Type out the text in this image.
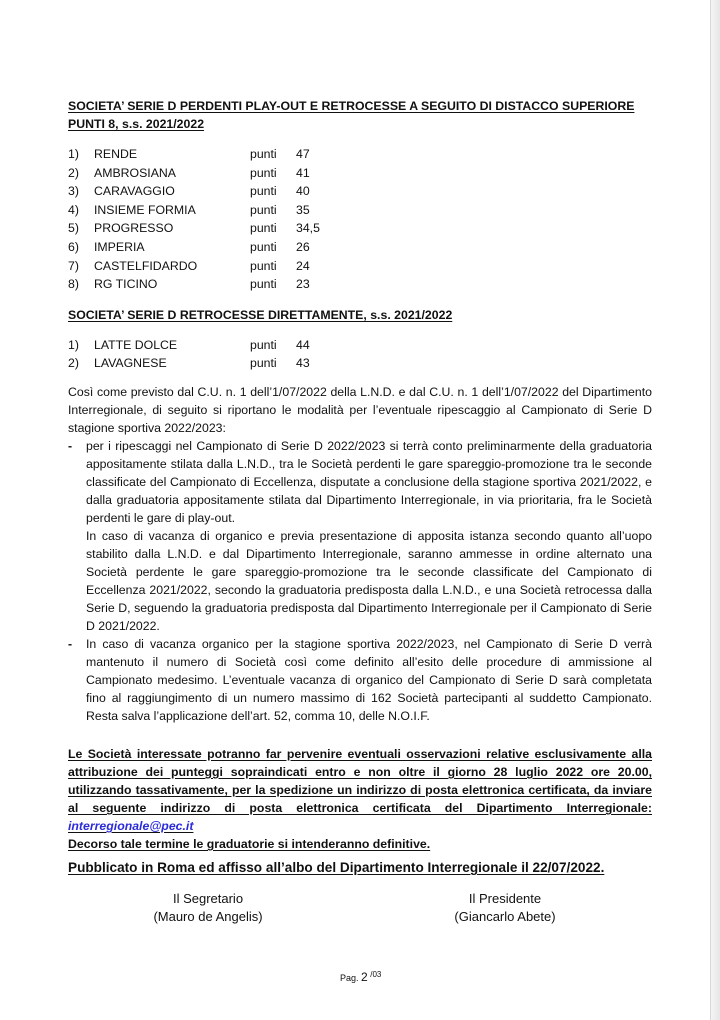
SOCIETA’ SERIE D PERDENTI PLAY-OUT E RETROCESSE A SEGUITO DI DISTACCO SUPERIORE PUNTI 8, s.s. 2021/2022
1)	RENDE	punti	47
2)	AMBROSIANA	punti	41
3)	CARAVAGGIO	punti	40
4)	INSIEME FORMIA	punti	35
5)	PROGRESSO	punti	34,5
6)	IMPERIA	punti	26
7)	CASTELFIDARDO	punti	24
8)	RG TICINO	punti	23
SOCIETA’ SERIE D RETROCESSE DIRETTAMENTE, s.s. 2021/2022
1)	LATTE DOLCE	punti	44
2)	LAVAGNESE	punti	43
Così come previsto dal C.U. n. 1 dell’1/07/2022 della L.N.D. e dal C.U. n. 1 dell’1/07/2022 del Dipartimento Interregionale, di seguito si riportano le modalità per l’eventuale ripescaggio al Campionato di Serie D stagione sportiva 2022/2023:
-	per i ripescaggi nel Campionato di Serie D 2022/2023 si terrà conto preliminarmente della graduatoria appositamente stilata dalla L.N.D., tra le Società perdenti le gare spareggio-promozione tra le seconde classificate del Campionato di Eccellenza, disputate a conclusione della stagione sportiva 2021/2022, e dalla graduatoria appositamente stilata dal Dipartimento Interregionale, in via prioritaria, fra le Società perdenti le gare di play-out.
In caso di vacanza di organico e previa presentazione di apposita istanza secondo quanto all’uopo stabilito dalla L.N.D. e dal Dipartimento Interregionale, saranno ammesse in ordine alternato una Società perdente le gare spareggio-promozione tra le seconde classificate del Campionato di Eccellenza 2021/2022, secondo la graduatoria predisposta dalla L.N.D., e una Società retrocessa dalla Serie D, seguendo la graduatoria predisposta dal Dipartimento Interregionale per il Campionato di Serie D 2021/2022.
-	In caso di vacanza organico per la stagione sportiva 2022/2023, nel Campionato di Serie D verrà mantenuto il numero di Società così come definito all’esito delle procedure di ammissione al Campionato medesimo. L’eventuale vacanza di organico del Campionato di Serie D sarà completata fino al raggiungimento di un numero massimo di 162 Società partecipanti al suddetto Campionato. Resta salva l’applicazione dell’art. 52, comma 10, delle N.O.I.F.
Le Società interessate potranno far pervenire eventuali osservazioni relative esclusivamente alla attribuzione dei punteggi sopraindicati entro e non oltre il giorno 28 luglio 2022 ore 20.00, utilizzando tassativamente, per la spedizione un indirizzo di posta elettronica certificata, da inviare al seguente indirizzo di posta elettronica certificata del Dipartimento Interregionale: interregionale@pec.it
Decorso tale termine le graduatorie si intenderanno definitive.
Pubblicato in Roma ed affisso all’albo del Dipartimento Interregionale il 22/07/2022.
Il Segretario
(Mauro de Angelis)
Il Presidente
(Giancarlo Abete)
Pag. 2 $^{/03}$
